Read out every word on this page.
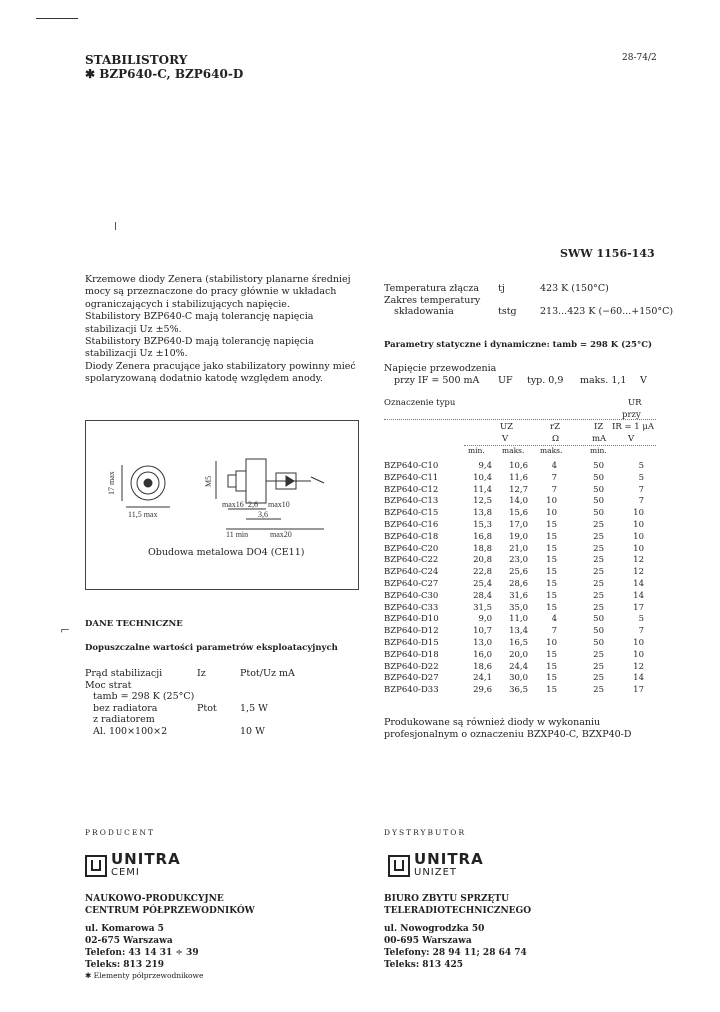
STABILISTORY
✱ BZP640-C, BZP640-D
28-74/2
SWW 1156-143

Krzemowe diody Zenera (stabilistory planarne średniej mocy są przeznaczone do pracy głównie w układach ograniczających i stabilizujących napięcie.

Stabilistory BZP640-C mają tolerancję napięcia stabilizacji Uz ±5%.

Stabilistory BZP640-D mają tolerancję napięcia stabilizacji Uz ±10%.

Diody Zenera pracujące jako stabilizatory powinny mieć spolaryzowaną dodatnio katodę względem anody.

11,5 max
17 max
max16 2,6
3,6
max10
11 min	max20
M5
Obudowa metalowa DO4 (CE11)
DANE TECHNICZNE
⌐
Dopuszczalne wartości parametrów eksploatacyjnych
Prąd stabilizacji	Iz	Ptot/Uz mA
Moc strat
tamb = 298 K (25°C)
bez radiatora	Ptot 1,5 W
z radiatorem
Al. 100×100×2	10 W
Temperatura złącza tj	423 K (150°C)
Zakres temperatury
składowania	tstg 213...423 K (−60...+150°C)
Parametry statyczne i dynamiczne: tamb = 298 K (25°C)
Napięcie przewodzenia
przy IF = 500 mA UF typ. 0,9 maks. 1,1 V
Oznaczenie typu	UR
przy
UZ	rZ	IZ IR = 1 μA
V	Ω	mA	V
min. maks. maks.	min.
BZP640-C10	9,4	10,6	4	50	5
BZP640-C11	10,4	11,6	7	50	5
BZP640-C12	11,4	12,7	7	50	7
BZP640-C13	12,5	14,0	10	50	7
BZP640-C15	13,8	15,6	10	50	10
BZP640-C16	15,3	17,0	15	25	10
BZP640-C18	16,8	19,0	15	25	10
BZP640-C20	18,8	21,0	15	25	10
BZP640-C22	20,8	23,0	15	25	12
BZP640-C24	22,8	25,6	15	25	12
BZP640-C27	25,4	28,6	15	25	14
BZP640-C30	28,4	31,6	15	25	14
BZP640-C33	31,5	35,0	15	25	17
BZP640-D10	9,0	11,0	4	50	5
BZP640-D12	10,7	13,4	7	50	7
BZP640-D15	13,0	16,5	10	50	10
BZP640-D18	16,0	20,0	15	25	10
BZP640-D22	18,6	24,4	15	25	12
BZP640-D27	24,1	30,0	15	25	14
BZP640-D33	29,6	36,5	15	25	17
Produkowane są również diody w wykonaniu profesjonalnym o oznaczeniu BZXP40-C, BZXP40-D
PRODUCENT
UNITRA
CEMI
NAUKOWO-PRODUKCYJNE
CENTRUM PÓŁPRZEWODNIKÓW
ul. Komarowa 5
02-675 Warszawa
Telefon: 43 14 31 ÷ 39
Teleks: 813 219
✱ Elementy półprzewodnikowe
DYSTRYBUTOR
UNITRA
UNIZET
BIURO ZBYTU SPRZĘTU
TELERADIOTECHNICZNEGO
ul. Nowogrodzka 50
00-695 Warszawa
Telefony: 28 94 11; 28 64 74
Teleks: 813 425
